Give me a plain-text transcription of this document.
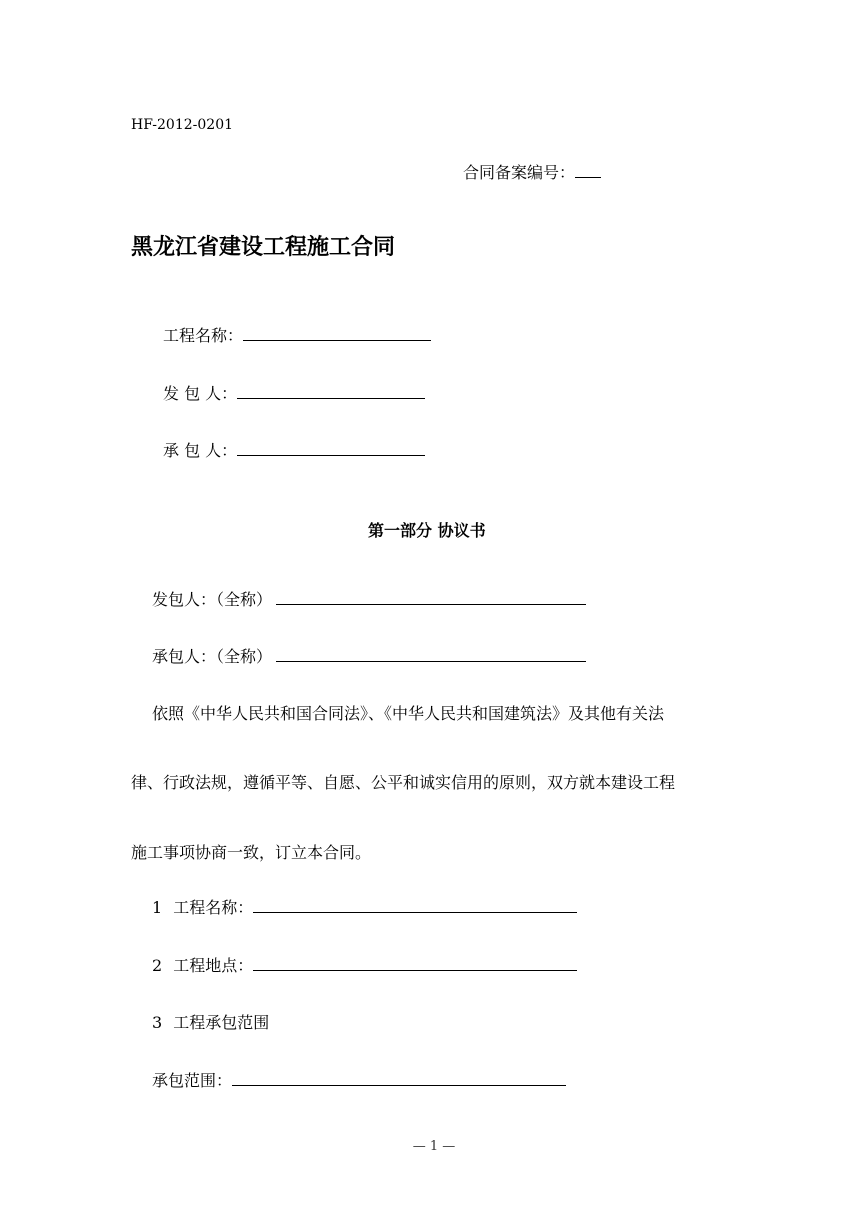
HF-2012-0201
合同备案编号：
黑龙江省建设工程施工合同
工程名称：
发 包 人：
承 包 人：
第一部分 协议书
发包人：（全称）
承包人：（全称）
依照《中华人民共和国合同法》、《中华人民共和国建筑法》及其他有关法
律、行政法规，遵循平等、自愿、公平和诚实信用的原则，双方就本建设工程
施工事项协商一致，订立本合同。
1 工程名称：
2 工程地点：
3 工程承包范围
承包范围：
— 1 —
